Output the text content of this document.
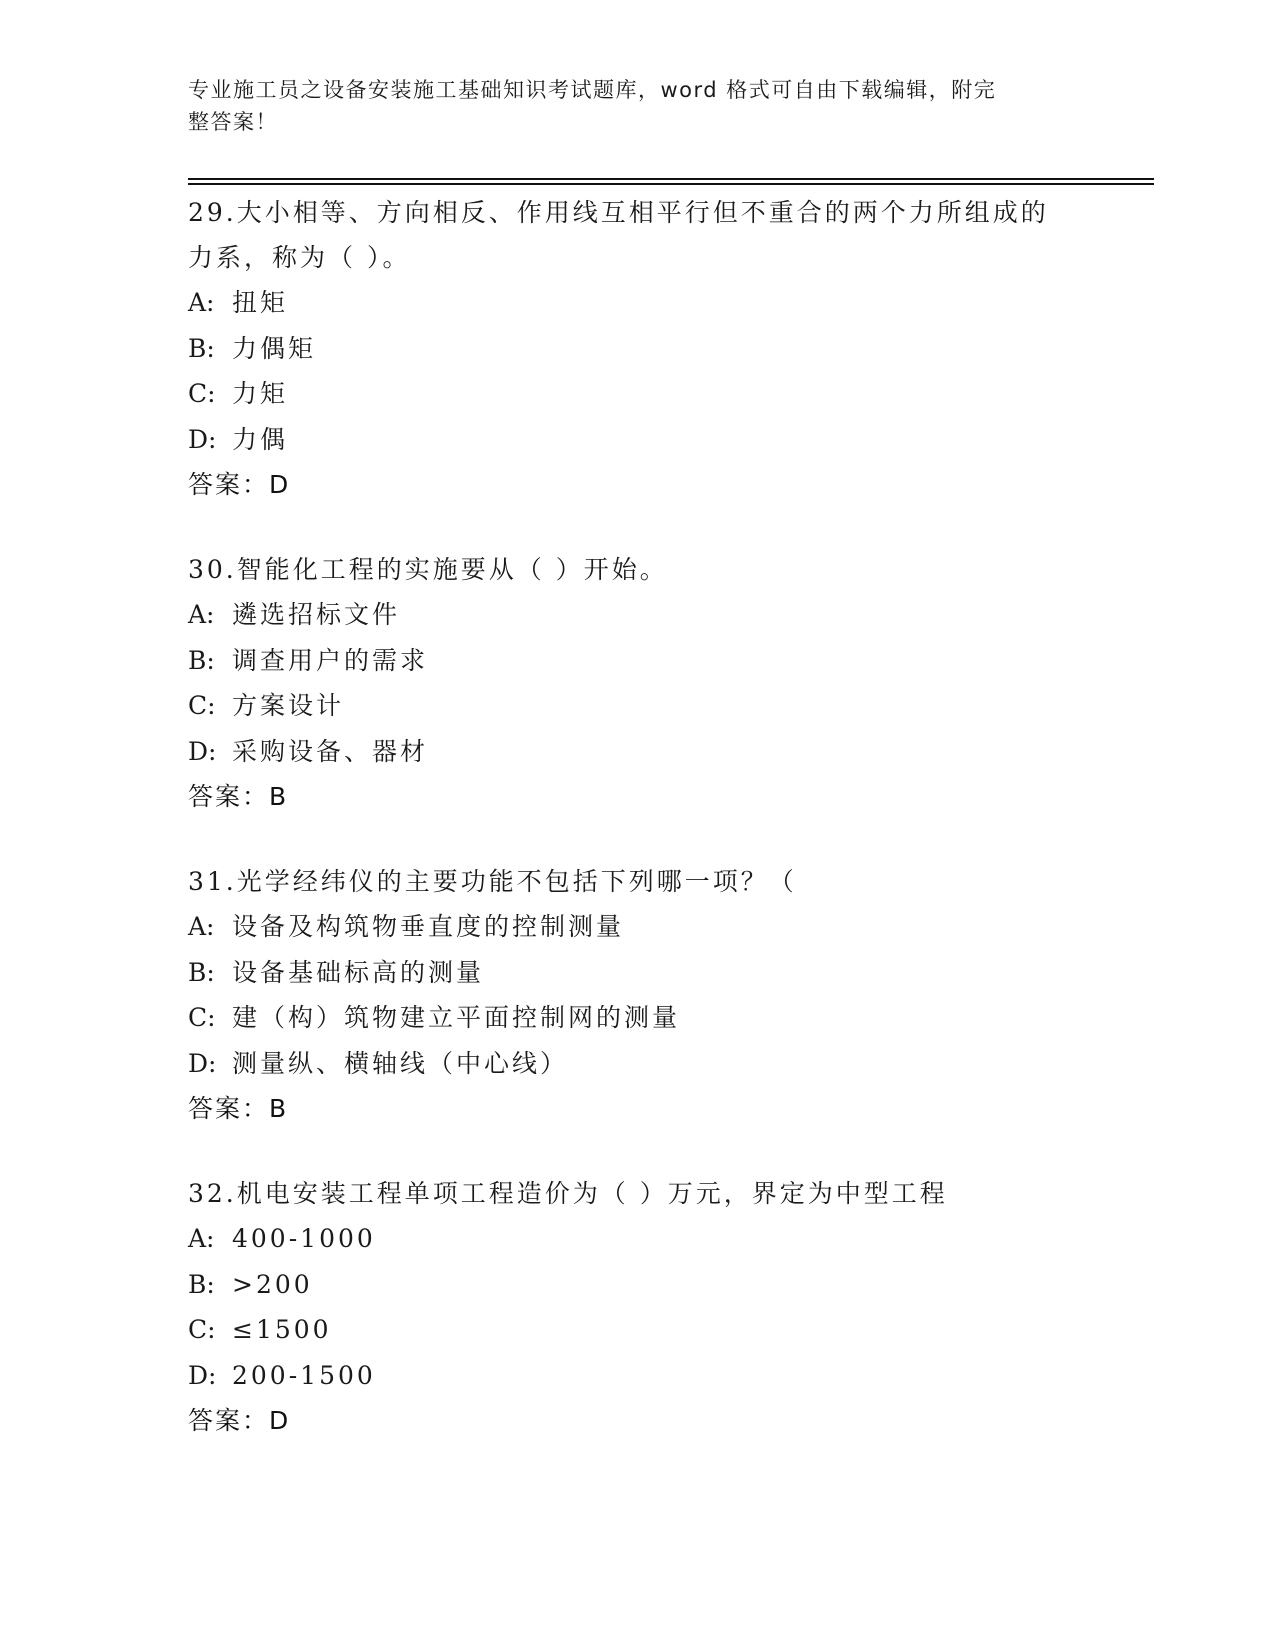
专业施工员之设备安装施工基础知识考试题库，word 格式可自由下载编辑，附完
整答案！
29.大小相等、方向相反、作用线互相平行但不重合的两个力所组成的
力系，称为（ ）。
A: 扭矩
B: 力偶矩
C: 力矩
D: 力偶
答案：D
30.智能化工程的实施要从（ ）开始。
A: 遴选招标文件
B: 调查用户的需求
C: 方案设计
D: 采购设备、器材
答案：B
31.光学经纬仪的主要功能不包括下列哪一项？（
A: 设备及构筑物垂直度的控制测量
B: 设备基础标高的测量
C: 建（构）筑物建立平面控制网的测量
D: 测量纵、横轴线（中心线）
答案：B
32.机电安装工程单项工程造价为（ ）万元，界定为中型工程
A: 400-1000
B: >200
C: ≤1500
D: 200-1500
答案：D
